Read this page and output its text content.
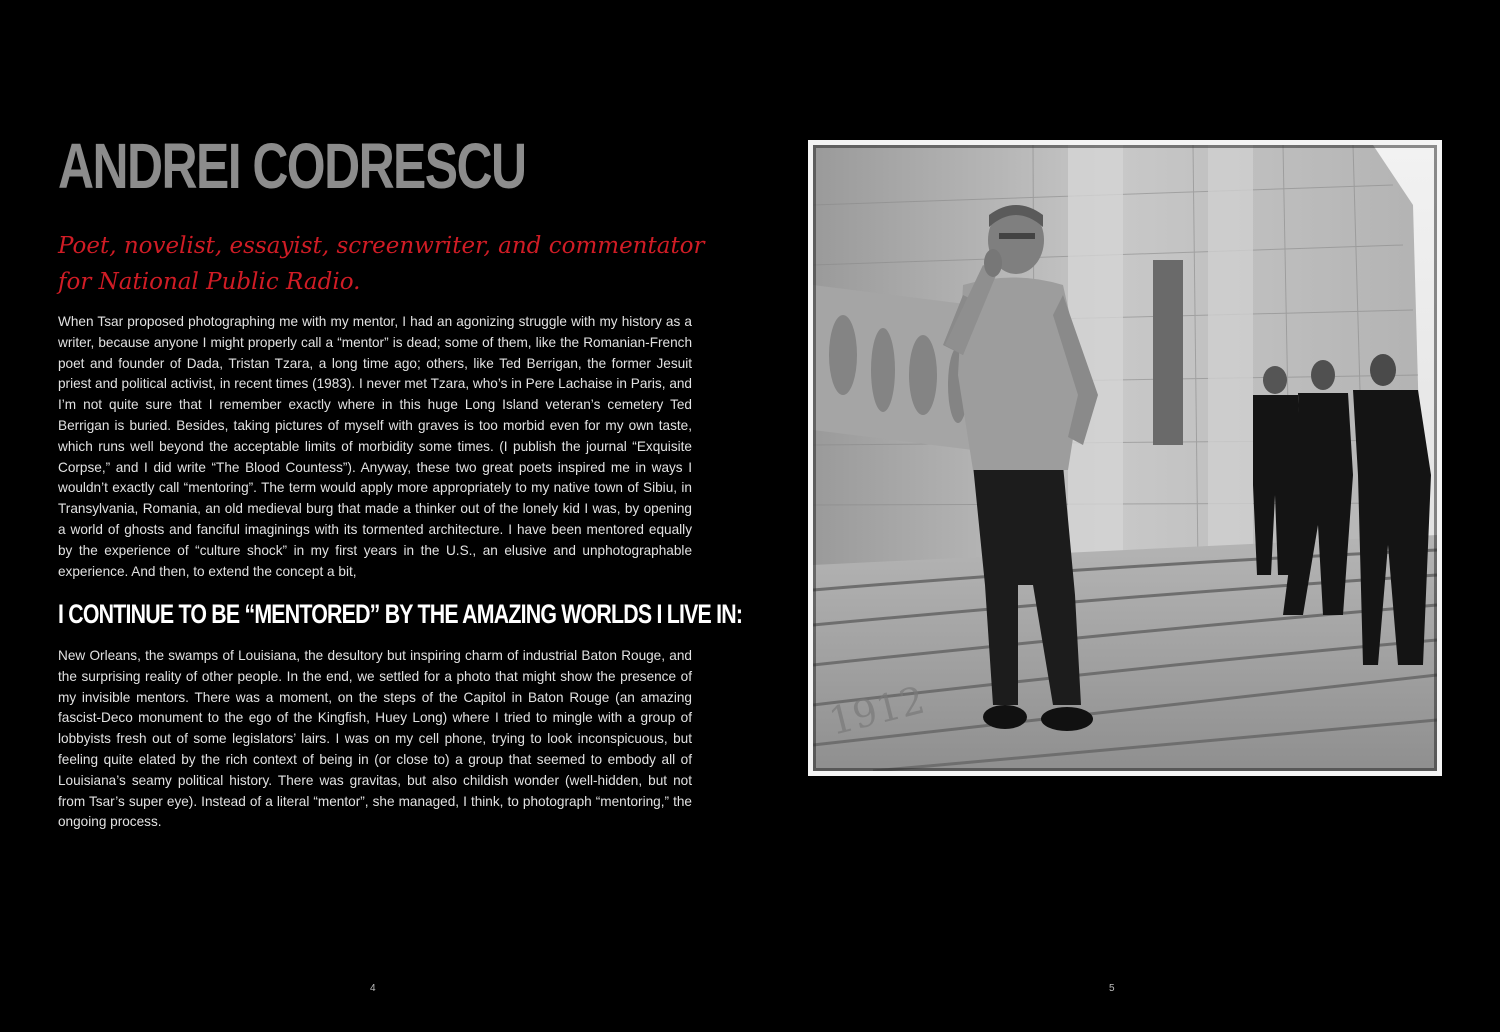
ANDREI CODRESCU

Poet, novelist, essayist, screenwriter, and commentator for National Public Radio.

When Tsar proposed photographing me with my mentor, I had an agonizing struggle with my history as a writer, because anyone I might properly call a “mentor” is dead; some of them, like the Romanian-French poet and founder of Dada, Tristan Tzara, a long time ago; others, like Ted Berrigan, the former Jesuit priest and political activist, in recent times (1983). I never met Tzara, who’s in Pere Lachaise in Paris, and I’m not quite sure that I remember exactly where in this huge Long Island veteran’s cemetery Ted Berrigan is buried. Besides, taking pictures of myself with graves is too morbid even for my own taste, which runs well beyond the acceptable limits of morbidity some times. (I publish the journal “Exquisite Corpse,” and I did write “The Blood Countess”). Anyway, these two great poets inspired me in ways I wouldn’t exactly call “mentoring”. The term would apply more appropriately to my native town of Sibiu, in Transylvania, Romania, an old medieval burg that made a thinker out of the lonely kid I was, by opening a world of ghosts and fanciful imaginings with its tormented architecture. I have been mentored equally by the experience of “culture shock” in my first years in the U.S., an elusive and unphotographable experience. And then, to extend the concept a bit,

I CONTINUE TO BE “MENTORED” BY THE AMAZING WORLDS I LIVE IN:

New Orleans, the swamps of Louisiana, the desultory but inspiring charm of industrial Baton Rouge, and the surprising reality of other people. In the end, we settled for a photo that might show the presence of my invisible mentors. There was a moment, on the steps of the Capitol in Baton Rouge (an amazing fascist-Deco monument to the ego of the Kingfish, Huey Long) where I tried to mingle with a group of lobbyists fresh out of some legislators’ lairs. I was on my cell phone, trying to look inconspicuous, but feeling quite elated by the rich context of being in (or close to) a group that seemed to embody all of Louisiana’s seamy political history. There was gravitas, but also childish wonder (well-hidden, but not from Tsar’s super eye). Instead of a literal “mentor”, she managed, I think, to photograph “mentoring,” the ongoing process.

4	5
1912
